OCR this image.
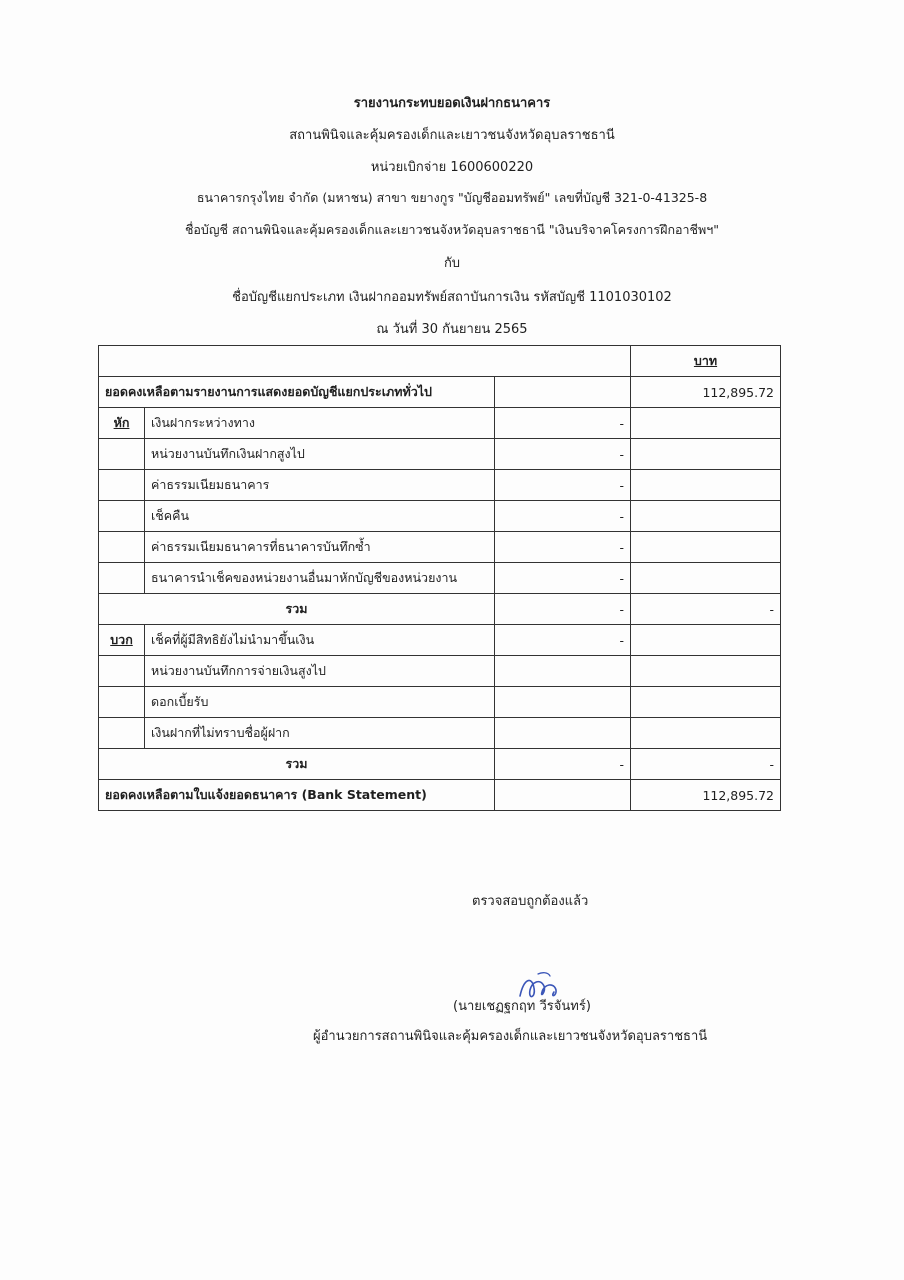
รายงานกระทบยอดเงินฝากธนาคาร
สถานพินิจและคุ้มครองเด็กและเยาวชนจังหวัดอุบลราชธานี
หน่วยเบิกจ่าย 1600600220
ธนาคารกรุงไทย จำกัด (มหาชน) สาขา ขยางกูร "บัญชีออมทรัพย์" เลขที่บัญชี 321-0-41325-8
ชื่อบัญชี สถานพินิจและคุ้มครองเด็กและเยาวชนจังหวัดอุบลราชธานี "เงินบริจาคโครงการฝึกอาชีพฯ"
กับ
ชื่อบัญชีแยกประเภท เงินฝากออมทรัพย์สถาบันการเงิน รหัสบัญชี 1101030102
ณ วันที่ 30 กันยายน 2565
			บาท
ยอดคงเหลือตามรายงานการแสดงยอดบัญชีแยกประเภททั่วไป			112,895.72
หัก	เงินฝากระหว่างทาง	-	
	หน่วยงานบันทึกเงินฝากสูงไป	-	
	ค่าธรรมเนียมธนาคาร	-	
	เช็คคืน	-	
	ค่าธรรมเนียมธนาคารที่ธนาคารบันทึกซ้ำ	-	
	ธนาคารนำเช็คของหน่วยงานอื่นมาหักบัญชีของหน่วยงาน	-	
รวม		-	-
บวก	เช็คที่ผู้มีสิทธิยังไม่นำมาขึ้นเงิน	-	
	หน่วยงานบันทึกการจ่ายเงินสูงไป		
	ดอกเบี้ยรับ		
	เงินฝากที่ไม่ทราบชื่อผู้ฝาก		
รวม		-	-
ยอดคงเหลือตามใบแจ้งยอดธนาคาร (Bank Statement)			112,895.72
ตรวจสอบถูกต้องแล้ว
(นายเชฏฐกฤท วีรจันทร์)
ผู้อำนวยการสถานพินิจและคุ้มครองเด็กและเยาวชนจังหวัดอุบลราชธานี
